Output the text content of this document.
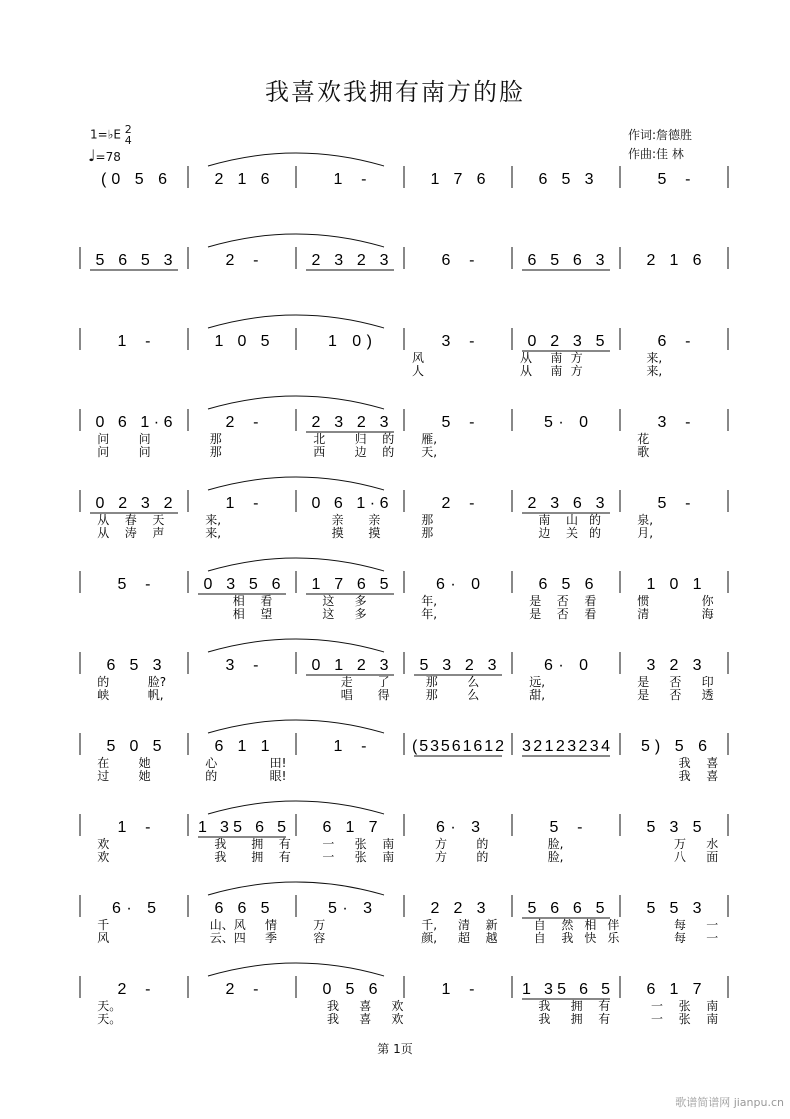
我喜欢我拥有南方的脸
1=♭E 2
4
♩=78
作词:詹德胜
作曲:佳 林
(0 5 6	2 1 6	1 -	1 7 6	6 5 3	5 -
5 6 5 3	2 -	2 3 2 3	6 -	6 5 6 3	2 1 6
1 -	1 0 5	1 0)	3 -	0 2 3 5	6 -
风	从 南 方	来,
人	从 南 方	来,
0 6 1·6	2 -	2 3 2 3	5 -	5· 0	3 -
问 问	那	北 归 的 雁,	花
问 问	那	西 边 的 天,	歌
0 2 3 2	1 -	0 6 1·6	2 -	2 3 6 3	5 -
从 春 天	来,	亲 亲	那	南 山 的	泉,
从 涛 声	来,	摸 摸	那	边 关 的	月,
5 -	0 3 5 6 1 7 6 5	6· 0	6 5 6	1 0 1
相 看	这 多	年,	是 否 看	惯	你
相 望	这 多	年,	是 否 看	清	海
6 5 3	3 -	0 1 2 3 5 3 2 3	6· 0	3 2 3
的	脸?	走 了	那 么	远,	是 否 印
峡	帆,	唱 得	那 么	甜,	是 否 透
5 0 5	6 1 1	1 -	(53561612 32123234 5) 5 6
在 她	心	田!	我 喜
过 她	的	眼!	我 喜
1 -	1 35 6 5 6 1 7	6· 3	5 -	5 3 5
欢	我 拥 有	一 张 南	方 的	脸,	万 水
欢	我 拥 有	一 张 南	方 的	脸,	八 面
6· 5	6 6 5	5· 3	2 2 3	5 6 6 5	5 5 3
千	山、风 情	万	千, 清 新	自 然 相 伴	每 一
风	云、四 季	容	颜, 超 越	自 我 快 乐	每 一
2 -	2 -	0 5 6	1 -	1 35 6 5 6 1 7
天。	我 喜 欢	我 拥 有	一 张 南
天。	我 喜 欢	我 拥 有	一 张 南
第 1页
歌谱简谱网 jianpu.cn
